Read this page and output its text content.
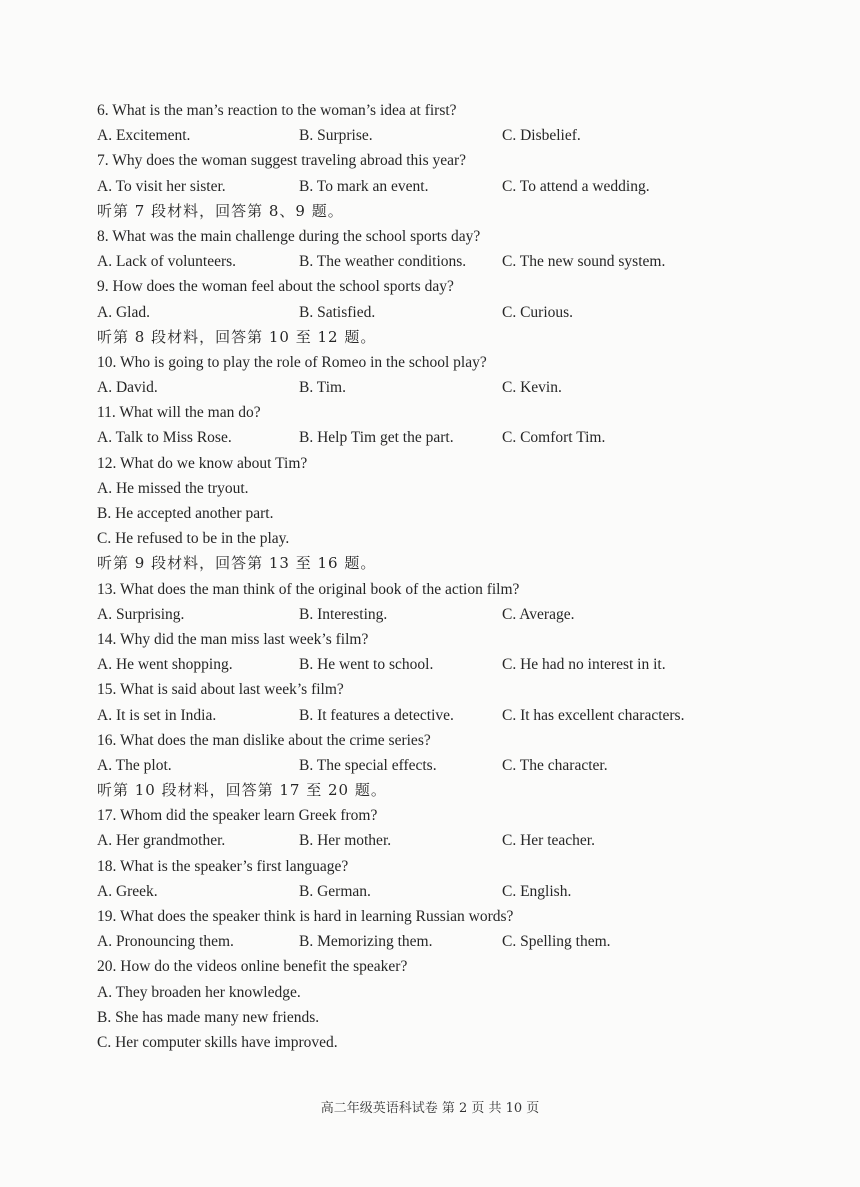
6. What is the man’s reaction to the woman’s idea at first?
A. Excitement.	B. Surprise.	C. Disbelief.
7. Why does the woman suggest traveling abroad this year?
A. To visit her sister.	B. To mark an event.	C. To attend a wedding.
听第 7 段材料，回答第 8、9 题。
8. What was the main challenge during the school sports day?
A. Lack of volunteers.	B. The weather conditions.	C. The new sound system.
9. How does the woman feel about the school sports day?
A. Glad.	B. Satisfied.	C. Curious.
听第 8 段材料，回答第 10 至 12 题。
10. Who is going to play the role of Romeo in the school play?
A. David.	B. Tim.	C. Kevin.
11. What will the man do?
A. Talk to Miss Rose.	B. Help Tim get the part.	C. Comfort Tim.
12. What do we know about Tim?
A. He missed the tryout.
B. He accepted another part.
C. He refused to be in the play.
听第 9 段材料，回答第 13 至 16 题。
13. What does the man think of the original book of the action film?
A. Surprising.	B. Interesting.	C. Average.
14. Why did the man miss last week’s film?
A. He went shopping.	B. He went to school.	C. He had no interest in it.
15. What is said about last week’s film?
A. It is set in India.	B. It features a detective.	C. It has excellent characters.
16. What does the man dislike about the crime series?
A. The plot.	B. The special effects.	C. The character.
听第 10 段材料，回答第 17 至 20 题。
17. Whom did the speaker learn Greek from?
A. Her grandmother.	B. Her mother.	C. Her teacher.
18. What is the speaker’s first language?
A. Greek.	B. German.	C. English.
19. What does the speaker think is hard in learning Russian words?
A. Pronouncing them.	B. Memorizing them.	C. Spelling them.
20. How do the videos online benefit the speaker?
A. They broaden her knowledge.
B. She has made many new friends.
C. Her computer skills have improved.
高二年级英语科试卷 第 2 页 共 10 页
